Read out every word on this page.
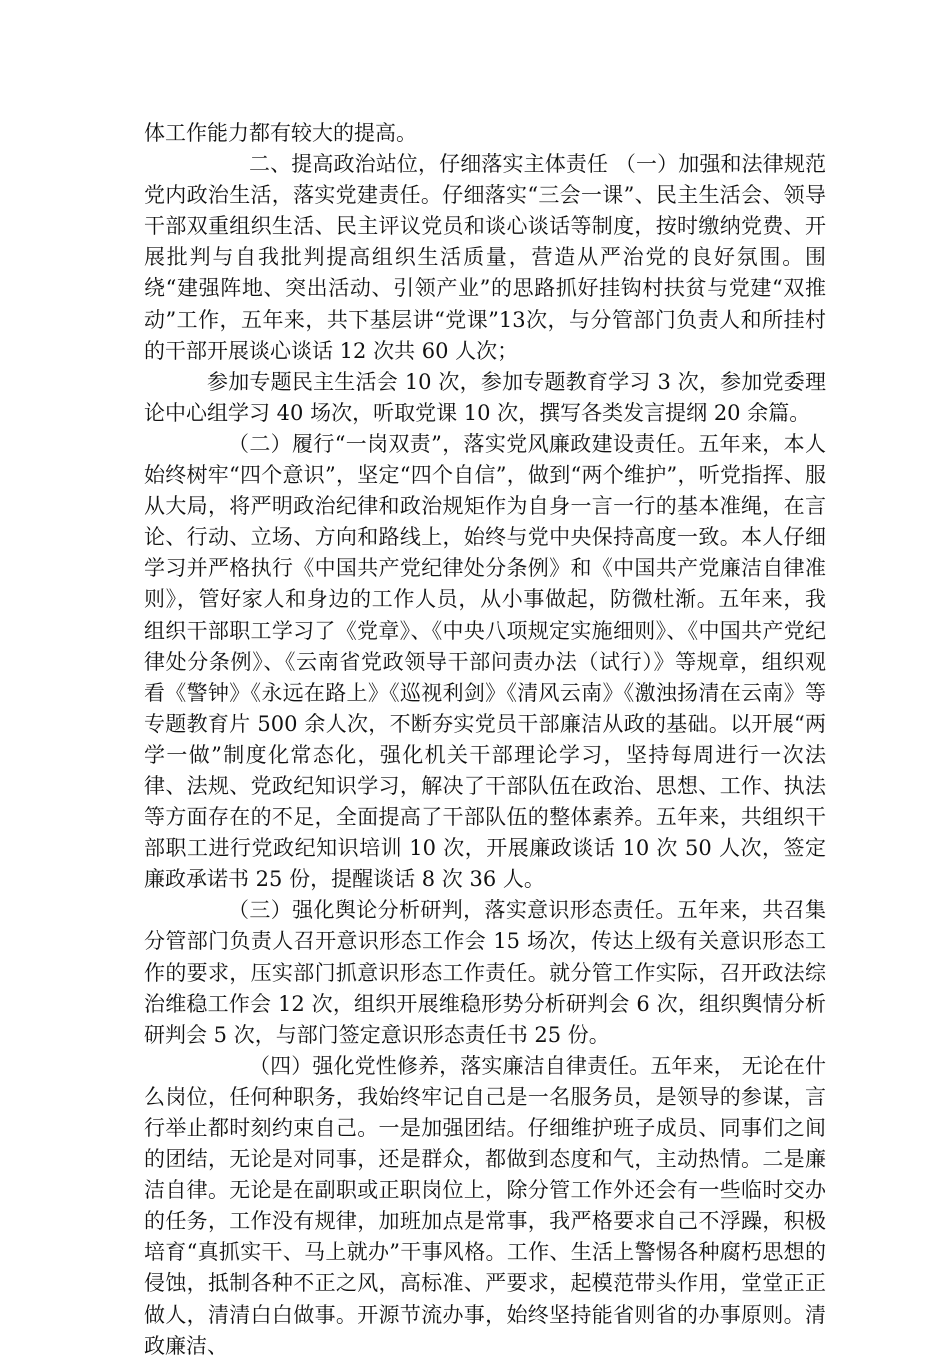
体工作能力都有较大的提高。

二、提高政治站位，仔细落实主体责任 （一）加强和法律规范党内政治生活，落实党建责任。仔细落实“三会一课”、民主生活会、领导干部双重组织生活、民主评议党员和谈心谈话等制度，按时缴纳党费、开展批判与自我批判提高组织生活质量，营造从严治党的良好氛围。围绕“建强阵地、突出活动、引领产业”的思路抓好挂钩村扶贫与党建“双推动”工作，五年来，共下基层讲“党课”13次，与分管部门负责人和所挂村的干部开展谈心谈话 12 次共 60 人次；

参加专题民主生活会 10 次，参加专题教育学习 3 次，参加党委理论中心组学习 40 场次，听取党课 10 次，撰写各类发言提纲 20 余篇。

（二）履行“一岗双责”，落实党风廉政建设责任。五年来，本人始终树牢“四个意识”，坚定“四个自信”，做到“两个维护”，听党指挥、服从大局，将严明政治纪律和政治规矩作为自身一言一行的基本准绳，在言论、行动、立场、方向和路线上，始终与党中央保持高度一致。本人仔细学习并严格执行《中国共产党纪律处分条例》和《中国共产党廉洁自律准则》，管好家人和身边的工作人员，从小事做起，防微杜渐。五年来，我组织干部职工学习了《党章》、《中央八项规定实施细则》、《中国共产党纪律处分条例》、《云南省党政领导干部问责办法（试行）》等规章，组织观看《警钟》《永远在路上》《巡视利剑》《清风云南》《激浊扬清在云南》等专题教育片 500 余人次，不断夯实党员干部廉洁从政的基础。以开展“两学一做”制度化常态化，强化机关干部理论学习，坚持每周进行一次法律、法规、党政纪知识学习，解决了干部队伍在政治、思想、工作、执法等方面存在的不足，全面提高了干部队伍的整体素养。五年来，共组织干部职工进行党政纪知识培训 10 次，开展廉政谈话 10 次 50 人次，签定廉政承诺书 25 份，提醒谈话 8 次 36 人。

（三）强化舆论分析研判，落实意识形态责任。五年来，共召集分管部门负责人召开意识形态工作会 15 场次，传达上级有关意识形态工作的要求，压实部门抓意识形态工作责任。就分管工作实际，召开政法综治维稳工作会 12 次，组织开展维稳形势分析研判会 6 次，组织舆情分析研判会 5 次，与部门签定意识形态责任书 25 份。

（四）强化党性修养，落实廉洁自律责任。五年来， 无论在什么岗位，任何种职务，我始终牢记自己是一名服务员，是领导的参谋，言行举止都时刻约束自己。一是加强团结。仔细维护班子成员、同事们之间的团结，无论是对同事，还是群众，都做到态度和气，主动热情。二是廉洁自律。无论是在副职或正职岗位上，除分管工作外还会有一些临时交办的任务，工作没有规律，加班加点是常事，我严格要求自己不浮躁，积极培育“真抓实干、马上就办”干事风格。工作、生活上警惕各种腐朽思想的侵蚀，抵制各种不正之风，高标准、严要求，起模范带头作用，堂堂正正做人，清清白白做事。开源节流办事，始终坚持能省则省的办事原则。清政廉洁、
